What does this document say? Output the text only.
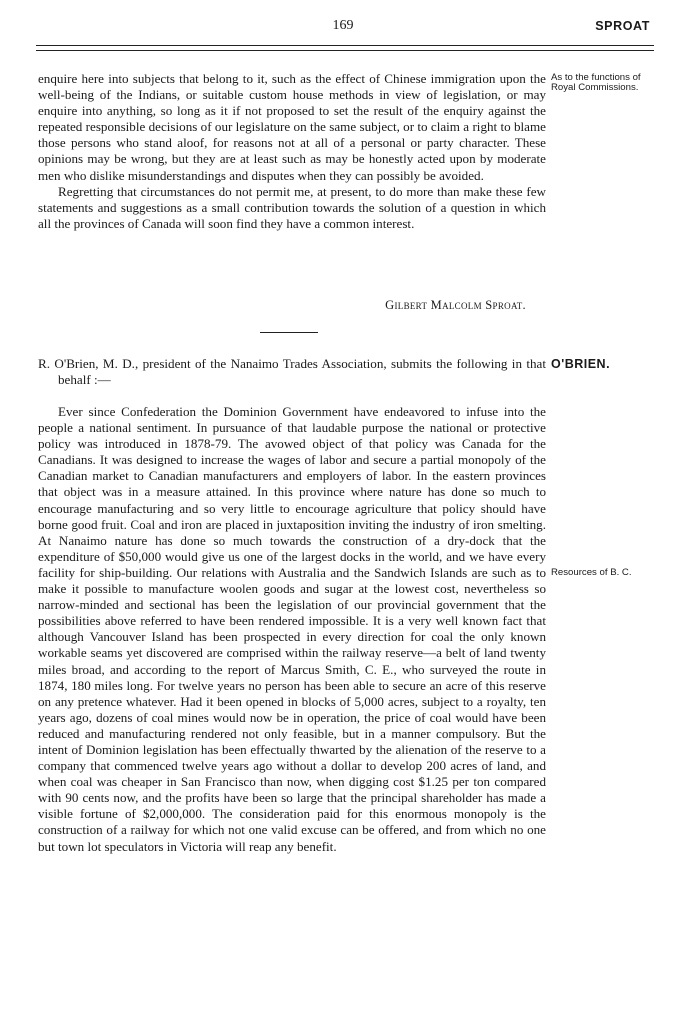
169	SPROAT

enquire here into subjects that belong to it, such as the effect of Chinese immigration upon the well-being of the Indians, or suitable custom house methods in view of legislation, or may enquire into anything, so long as it if not proposed to set the result of the enquiry against the repeated responsible decisions of our legislature on the same subject, or to claim a right to blame those persons who stand aloof, for reasons not at all of a personal or party character. These opinions may be wrong, but they are at least such as may be honestly acted upon by moderate men who dislike misunderstandings and disputes when they can possibly be avoided.

Regretting that circumstances do not permit me, at present, to do more than make these few statements and suggestions as a small contribution towards the solution of a question in which all the provinces of Canada will soon find they have a common interest.

As to the functions of Royal Commissions.
Gilbert Malcolm Sproat.

R. O'Brien, M. D., president of the Nanaimo Trades Association, submits the following in that behalf :—

O'BRIEN.

Ever since Confederation the Dominion Government have endeavored to infuse into the people a national sentiment. In pursuance of that laudable purpose the national or protective policy was introduced in 1878-79. The avowed object of that policy was Canada for the Canadians. It was designed to increase the wages of labor and secure a partial monopoly of the Canadian market to Canadian manufacturers and employers of labor. In the eastern provinces that object was in a measure attained. In this province where nature has done so much to encourage manufacturing and so very little to encourage agriculture that policy should have borne good fruit. Coal and iron are placed in juxtaposition inviting the industry of iron smelting. At Nanaimo nature has done so much towards the construction of a dry-dock that the expenditure of $50,000 would give us one of the largest docks in the world, and we have every facility for ship-building. Our relations with Australia and the Sandwich Islands are such as to make it possible to manufacture woolen goods and sugar at the lowest cost, nevertheless so narrow-minded and sectional has been the legislation of our provincial government that the possibilities above referred to have been rendered impossible. It is a very well known fact that although Vancouver Island has been prospected in every direction for coal the only known workable seams yet discovered are comprised within the railway reserve—a belt of land twenty miles broad, and according to the report of Marcus Smith, C. E., who surveyed the route in 1874, 180 miles long. For twelve years no person has been able to secure an acre of this reserve on any pretence whatever. Had it been opened in blocks of 5,000 acres, subject to a royalty, ten years ago, dozens of coal mines would now be in operation, the price of coal would have been reduced and manufacturing rendered not only feasible, but in a manner compulsory. But the intent of Dominion legislation has been effectually thwarted by the alienation of the reserve to a company that commenced twelve years ago without a dollar to develop 200 acres of land, and when coal was cheaper in San Francisco than now, when digging cost $1.25 per ton compared with 90 cents now, and the profits have been so large that the principal shareholder has made a visible fortune of $2,000,000. The consideration paid for this enormous monopoly is the construction of a railway for which not one valid excuse can be offered, and from which no one but town lot speculators in Victoria will reap any benefit.

Resources of B. C.
